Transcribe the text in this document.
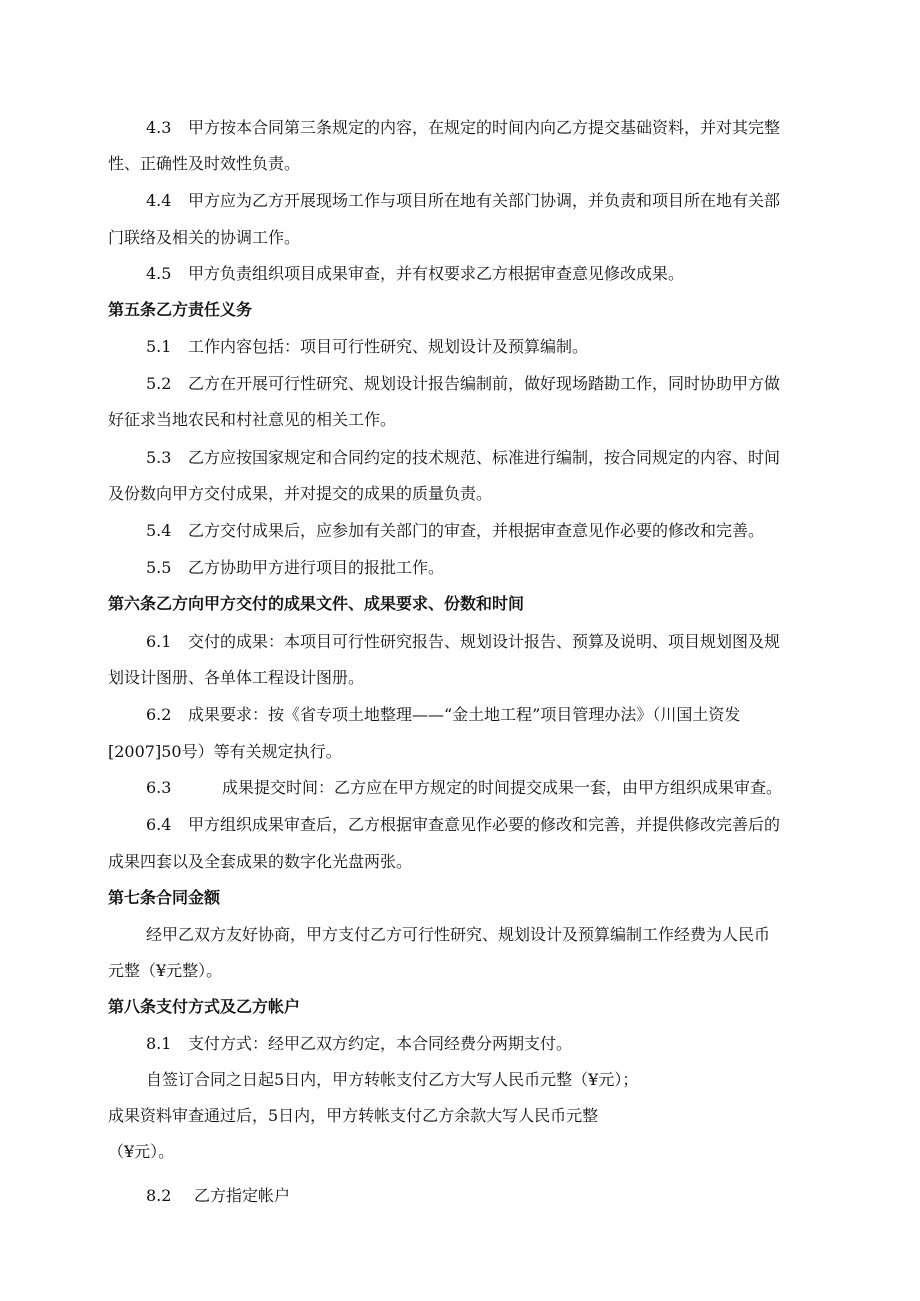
4.3 甲方按本合同第三条规定的内容，在规定的时间内向乙方提交基础资料，并对其完整
性、正确性及时效性负责。
4.4 甲方应为乙方开展现场工作与项目所在地有关部门协调，并负责和项目所在地有关部
门联络及相关的协调工作。
4.5 甲方负责组织项目成果审查，并有权要求乙方根据审查意见修改成果。
第五条乙方责任义务
5.1 工作内容包括：项目可行性研究、规划设计及预算编制。
5.2 乙方在开展可行性研究、规划设计报告编制前，做好现场踏勘工作，同时协助甲方做
好征求当地农民和村社意见的相关工作。
5.3 乙方应按国家规定和合同约定的技术规范、标准进行编制，按合同规定的内容、时间
及份数向甲方交付成果，并对提交的成果的质量负责。
5.4 乙方交付成果后，应参加有关部门的审查，并根据审查意见作必要的修改和完善。
5.5 乙方协助甲方进行项目的报批工作。
第六条乙方向甲方交付的成果文件、成果要求、份数和时间
6.1 交付的成果：本项目可行性研究报告、规划设计报告、预算及说明、项目规划图及规
划设计图册、各单体工程设计图册。
6.2 成果要求：按《省专项土地整理——“金土地工程”项目管理办法》（川国土资发
[2007]50号）等有关规定执行。
6.3	成果提交时间：乙方应在甲方规定的时间提交成果一套，由甲方组织成果审查。
6.4 甲方组织成果审查后，乙方根据审查意见作必要的修改和完善，并提供修改完善后的
成果四套以及全套成果的数字化光盘两张。
第七条合同金额
经甲乙双方友好协商，甲方支付乙方可行性研究、规划设计及预算编制工作经费为人民币
元整（¥元整）。
第八条支付方式及乙方帐户
8.1 支付方式：经甲乙双方约定，本合同经费分两期支付。
自签订合同之日起5日内，甲方转帐支付乙方大写人民币元整（¥元）；
成果资料审查通过后，5日内，甲方转帐支付乙方余款大写人民币元整
（¥元）。
8.2 乙方指定帐户
